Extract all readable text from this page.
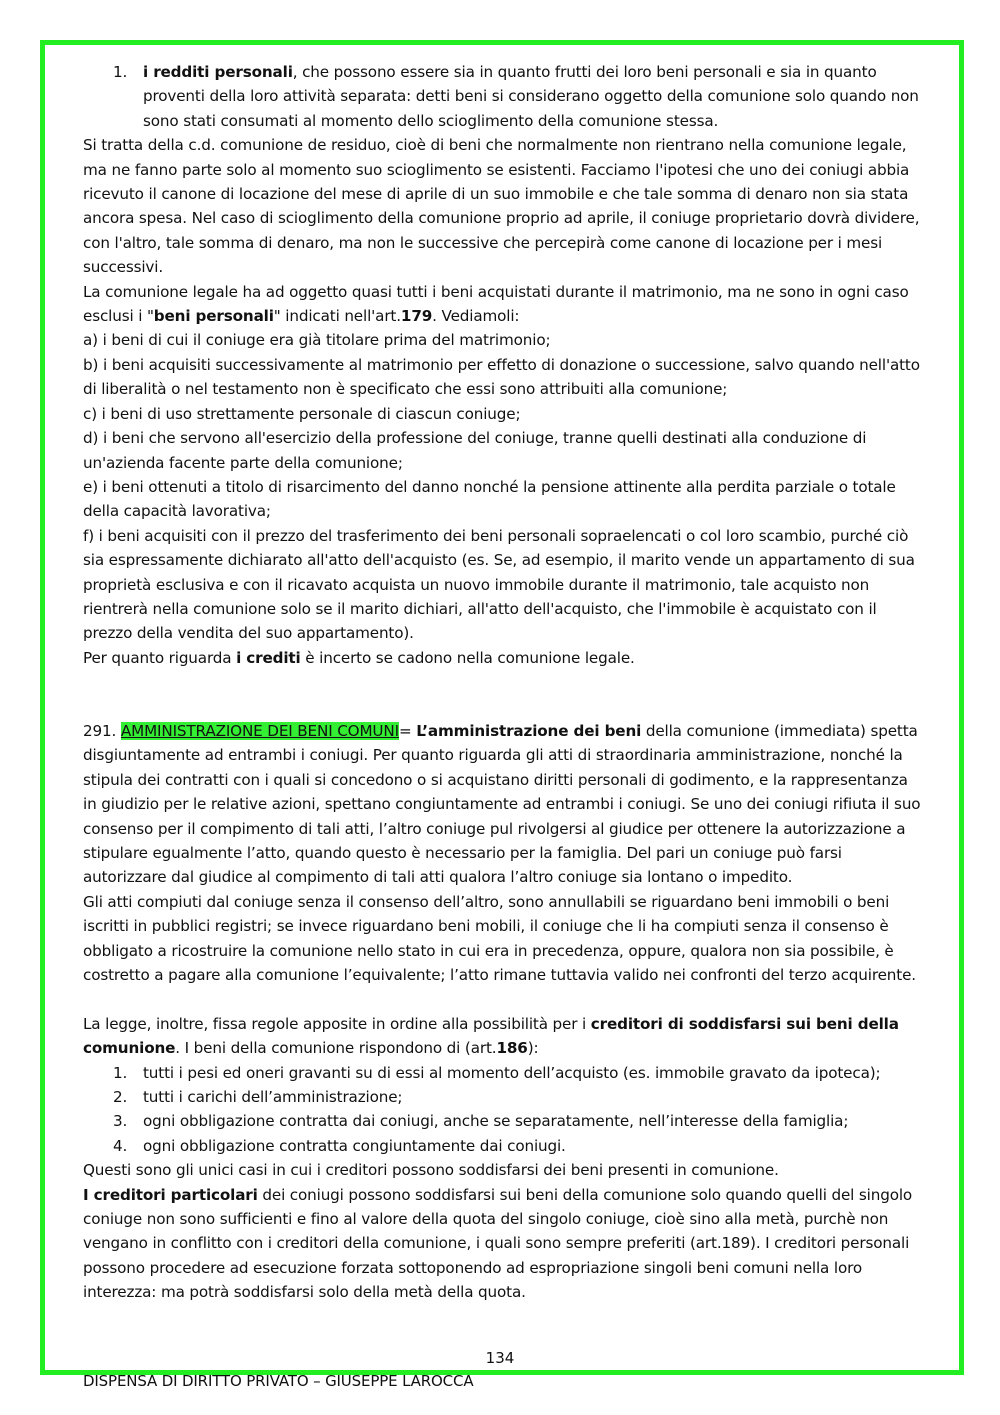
1. i redditi personali, che possono essere sia in quanto frutti dei loro beni personali e sia in quanto proventi della loro attività separata: detti beni si considerano oggetto della comunione solo quando non sono stati consumati al momento dello scioglimento della comunione stessa.

Si tratta della c.d. comunione de residuo, cioè di beni che normalmente non rientrano nella comunione legale, ma ne fanno parte solo al momento suo scioglimento se esistenti. Facciamo l'ipotesi che uno dei coniugi abbia ricevuto il canone di locazione del mese di aprile di un suo immobile e che tale somma di denaro non sia stata ancora spesa. Nel caso di scioglimento della comunione proprio ad aprile, il coniuge proprietario dovrà dividere, con l'altro, tale somma di denaro, ma non le successive che percepirà come canone di locazione per i mesi successivi.

La comunione legale ha ad oggetto quasi tutti i beni acquistati durante il matrimonio, ma ne sono in ogni caso esclusi i "beni personali" indicati nell'art.179. Vediamoli:

a) i beni di cui il coniuge era già titolare prima del matrimonio;

b) i beni acquisiti successivamente al matrimonio per effetto di donazione o successione, salvo quando nell'atto di liberalità o nel testamento non è specificato che essi sono attribuiti alla comunione;

c) i beni di uso strettamente personale di ciascun coniuge;

d) i beni che servono all'esercizio della professione del coniuge, tranne quelli destinati alla conduzione di un'azienda facente parte della comunione;

e) i beni ottenuti a titolo di risarcimento del danno nonché la pensione attinente alla perdita parziale o totale della capacità lavorativa;

f) i beni acquisiti con il prezzo del trasferimento dei beni personali sopraelencati o col loro scambio, purché ciò sia espressamente dichiarato all'atto dell'acquisto (es. Se, ad esempio, il marito vende un appartamento di sua proprietà esclusiva e con il ricavato acquista un nuovo immobile durante il matrimonio, tale acquisto non rientrerà nella comunione solo se il marito dichiari, all'atto dell'acquisto, che l'immobile è acquistato con il prezzo della vendita del suo appartamento).

Per quanto riguarda i crediti è incerto se cadono nella comunione legale.

291. AMMINISTRAZIONE DEI BENI COMUNI= L’amministrazione dei beni della comunione (immediata) spetta disgiuntamente ad entrambi i coniugi. Per quanto riguarda gli atti di straordinaria amministrazione, nonché la stipula dei contratti con i quali si concedono o si acquistano diritti personali di godimento, e la rappresentanza in giudizio per le relative azioni, spettano congiuntamente ad entrambi i coniugi. Se uno dei coniugi rifiuta il suo consenso per il compimento di tali atti, l’altro coniuge pul rivolgersi al giudice per ottenere la autorizzazione a stipulare egualmente l’atto, quando questo è necessario per la famiglia. Del pari un coniuge può farsi autorizzare dal giudice al compimento di tali atti qualora l’altro coniuge sia lontano o impedito.

Gli atti compiuti dal coniuge senza il consenso dell’altro, sono annullabili se riguardano beni immobili o beni iscritti in pubblici registri; se invece riguardano beni mobili, il coniuge che li ha compiuti senza il consenso è obbligato a ricostruire la comunione nello stato in cui era in precedenza, oppure, qualora non sia possibile, è costretto a pagare alla comunione l’equivalente; l’atto rimane tuttavia valido nei confronti del terzo acquirente.

La legge, inoltre, fissa regole apposite in ordine alla possibilità per i creditori di soddisfarsi sui beni della comunione. I beni della comunione rispondono di (art.186):

1. tutti i pesi ed oneri gravanti su di essi al momento dell’acquisto (es. immobile gravato da ipoteca);
2. tutti i carichi dell’amministrazione;
3. ogni obbligazione contratta dai coniugi, anche se separatamente, nell’interesse della famiglia;
4. ogni obbligazione contratta congiuntamente dai coniugi.

Questi sono gli unici casi in cui i creditori possono soddisfarsi dei beni presenti in comunione.

I creditori particolari dei coniugi possono soddisfarsi sui beni della comunione solo quando quelli del singolo coniuge non sono sufficienti e fino al valore della quota del singolo coniuge, cioè sino alla metà, purchè non vengano in conflitto con i creditori della comunione, i quali sono sempre preferiti (art.189). I creditori personali possono procedere ad esecuzione forzata sottoponendo ad espropriazione singoli beni comuni nella loro interezza: ma potrà soddisfarsi solo della metà della quota.

134
DISPENSA DI DIRITTO PRIVATO – GIUSEPPE LAROCCA
